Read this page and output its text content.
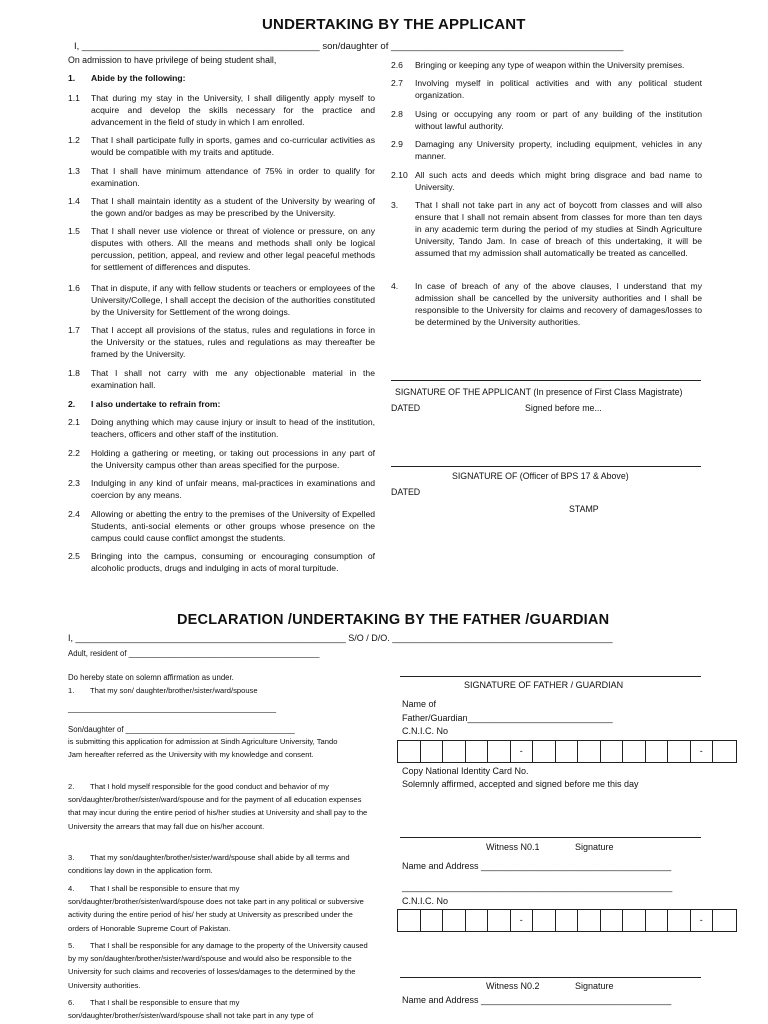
UNDERTAKING BY THE APPLICANT
I, _____________________________________________ son/daughter of ____________________________________________
On admission to have privilege of being student shall,
1. Abide by the following:
1.1 That during my stay in the University, I shall diligently apply myself to acquire and develop the skills necessary for the practice and advancement in the field of study in which I am enrolled.
1.2 That I shall participate fully in sports, games and co-curricular activities as would be compatible with my traits and aptitude.
1.3 That I shall have minimum attendance of 75% in order to qualify for examination.
1.4 That I shall maintain identity as a student of the University by wearing of the gown and/or badges as may be prescribed by the University.
1.5 That I shall never use violence or threat of violence or pressure, on any disputes with others. All the means and methods shall only be logical percussion, petition, appeal, and review and other legal peaceful methods for settlement of differences and disputes.
1.6 That in dispute, if any with fellow students or teachers or employees of the University/College, I shall accept the decision of the authorities constituted by the University for Settlement of the wrong doings.
1.7 That I accept all provisions of the status, rules and regulations in force in the University or the statues, rules and regulations as may thereafter be framed by the University.
1.8 That I shall not carry with me any objectionable material in the examination hall.
2. I also undertake to refrain from:
2.1 Doing anything which may cause injury or insult to head of the institution, teachers, officers and other staff of the institution.
2.2 Holding a gathering or meeting, or taking out processions in any part of the University campus other than areas specified for the purpose.
2.3 Indulging in any kind of unfair means, mal-practices in examinations and coercion by any means.
2.4 Allowing or abetting the entry to the premises of the University of Expelled Students, anti-social elements or other groups whose presence on the campus could cause conflict amongst the students.
2.5 Bringing into the campus, consuming or encouraging consumption of alcoholic products, drugs and indulging in acts of moral turpitude.
2.6 Bringing or keeping any type of weapon within the University premises.
2.7 Involving myself in political activities and with any political student organization.
2.8 Using or occupying any room or part of any building of the institution without lawful authority.
2.9 Damaging any University property, including equipment, vehicles in any manner.
2.10 All such acts and deeds which might bring disgrace and bad name to University.
3. That I shall not take part in any act of boycott from classes and will also ensure that I shall not remain absent from classes for more than ten days in any academic term during the period of my studies at Sindh Agriculture University, Tando Jam. In case of breach of this undertaking, it will be assumed that my admission shall automatically be treated as cancelled.
4. In case of breach of any of the above clauses, I understand that my admission shall be cancelled by the university authorities and I shall be responsible to the University for claims and recovery of damages/losses to be determined by the University authorities.
SIGNATURE OF THE APPLICANT (In presence of First Class Magistrate)
DATED	Signed before me...
SIGNATURE OF (Officer of BPS 17 & Above)
DATED
STAMP
DECLARATION /UNDERTAKING BY THE FATHER /GUARDIAN
I, ______________________________________________________ S/O / D/O. ____________________________________________
Adult, resident of ____________________________________________
Do hereby state on solemn affirmation as under.
1. That my son/ daughter/brother/sister/ward/spouse
________________________________________________
Son/daughter of _______________________________________
is submitting this application for admission at Sindh Agriculture University, Tando Jam hereafter referred as the University with my knowledge and consent.
2. That I hold myself responsible for the good conduct and behavior of my son/daughter/brother/sister/ward/spouse and for the payment of all education expenses that may incur during the entire period of his/her studies at University and shall pay to the University the arrears that may fall due on his/her account.
3. That my son/daughter/brother/sister/ward/spouse shall abide by all terms and conditions lay down in the application form.
4. That I shall be responsible to ensure that my son/daughter/brother/sister/ward/spouse does not take part in any political or subversive activity during the entire period of his/ her study at University as prescribed under the orders of Honorable Supreme Court of Pakistan.
5. That I shall be responsible for any damage to the property of the University caused by my son/daughter/brother/sister/ward/spouse and would also be responsible to the University for such claims and recoveries of losses/damages to the determined by the University authorities.
6. That I shall be responsible to ensure that my son/daughter/brother/sister/ward/spouse shall not take part in any type of
SIGNATURE OF FATHER / GUARDIAN
Name of
Father/Guardian_____________________________
C.N.I.C. No
-	-
Copy National Identity Card No.
Solemnly affirmed, accepted and signed before me this day
Witness N0.1	Signature
Name and Address ______________________________________
______________________________________________________
C.N.I.C. No
-	-
Witness N0.2	Signature
Name and Address ______________________________________
